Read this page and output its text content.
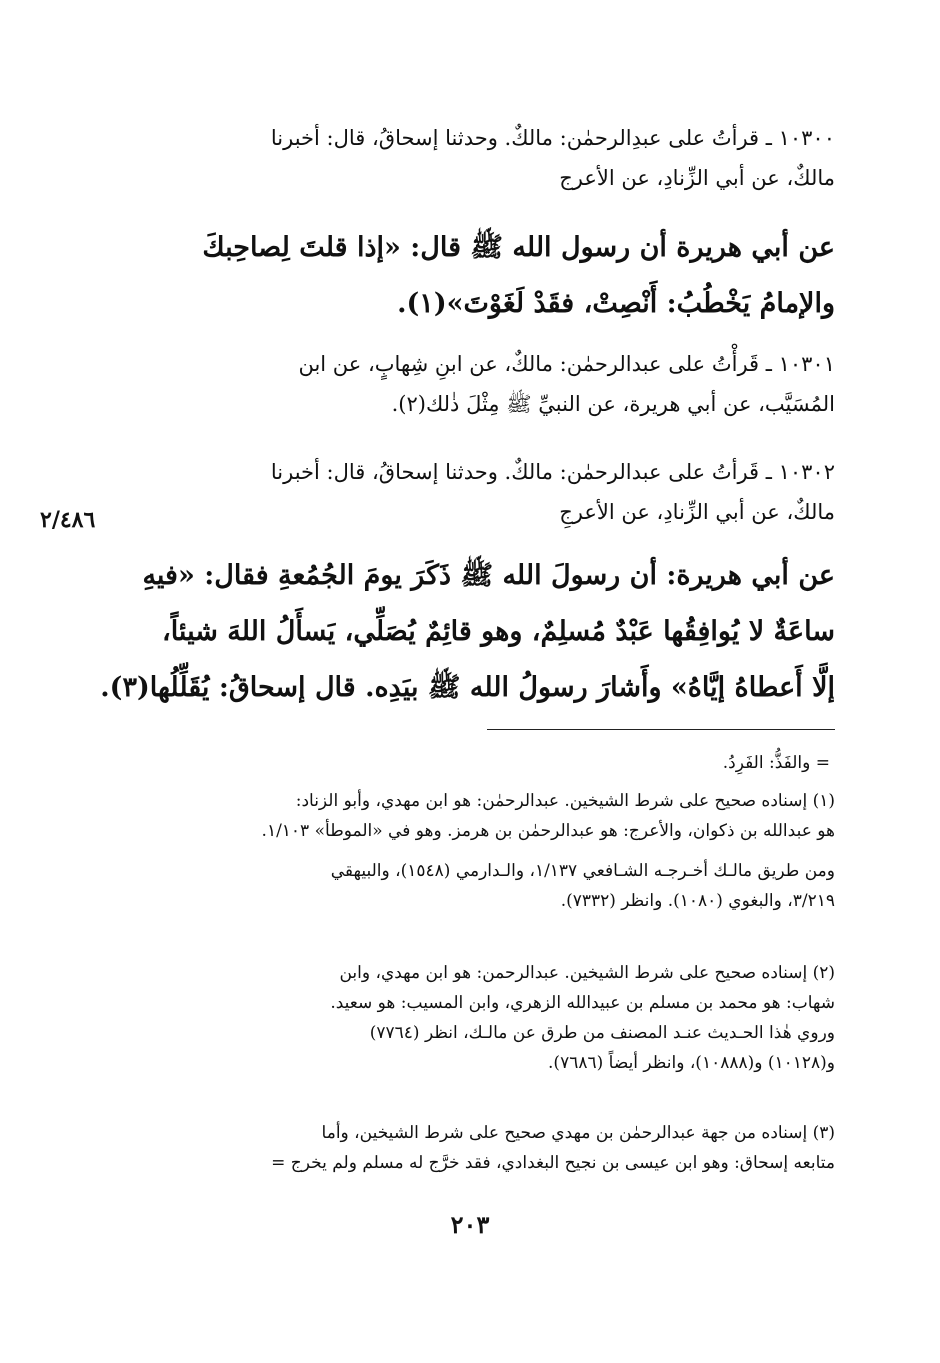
١٠٣٠٠ ـ قرأتُ على عبدِالرحمٰن: مالكٌ. وحدثنا إسحاقُ، قال: أخبرنا
مالكٌ، عن أبي الزِّنادِ، عن الأعرج
عن أبي هريرة أن رسول الله ﷺ قال: «إذا قلتَ لِصاحِبكَ
والإمامُ يَخْطُبُ: أَنْصِتْ، فقَدْ لَغَوْتَ»(١).
١٠٣٠١ ـ قَرأْتُ على عبدالرحمٰن: مالكٌ، عن ابنِ شِهابٍ، عن ابن
المُسَيَّب، عن أبي هريرة، عن النبيِّ ﷺ مِثْلَ ذٰلك(٢).
١٠٣٠٢ ـ قَرأتُ على عبدالرحمٰن: مالكٌ. وحدثنا إسحاقُ، قال: أخبرنا
مالكٌ، عن أبي الزِّنادِ، عن الأعرجِ
٢/٤٨٦
عن أبي هريرة: أن رسولَ الله ﷺ ذَكَرَ يومَ الجُمُعةِ فقال: «فيهِ
ساعَةٌ لا يُوافِقُها عَبْدٌ مُسلِمٌ، وهو قائِمٌ يُصَلِّي، يَسأَلُ اللهَ شيئاً،
إلَّا أَعطاهُ إيَّاهُ» وأَشارَ رسولُ الله ﷺ بيَدِه. قال إسحاقُ: يُقَلِّلُها(٣).
= والفَذُّ: الفَرِدُ.
(١) إسناده صحيح على شرط الشيخين. عبدالرحمٰن: هو ابن مهدي، وأبو الزناد:
هو عبدالله بن ذكوان، والأعرج: هو عبدالرحمٰن بن هرمز. وهو في «الموطأ» ١/١٠٣.
ومن طريق مالـك أخـرجـه الشـافعي ١/١٣٧، والـدارمي (١٥٤٨)، والبيهقي
٣/٢١٩، والبغوي (١٠٨٠). وانظر (٧٣٣٢).
(٢) إسناده صحيح على شرط الشيخين. عبدالرحمن: هو ابن مهدي، وابن
شهاب: هو محمد بن مسلم بن عبيدالله الزهري، وابن المسيب: هو سعيد.
وروي هٰذا الحـديث عنـد المصنف من طرق عن مالـك، انظر (٧٧٦٤)
و(١٠١٢٨) و(١٠٨٨٨)، وانظر أيضاً (٧٦٨٦).
(٣) إسناده من جهة عبدالرحمٰن بن مهدي صحيح على شرط الشيخين، وأما
متابعه إسحاق: وهو ابن عيسى بن نجيح البغدادي، فقد خرَّج له مسلم ولم يخرج =
٢٠٣
